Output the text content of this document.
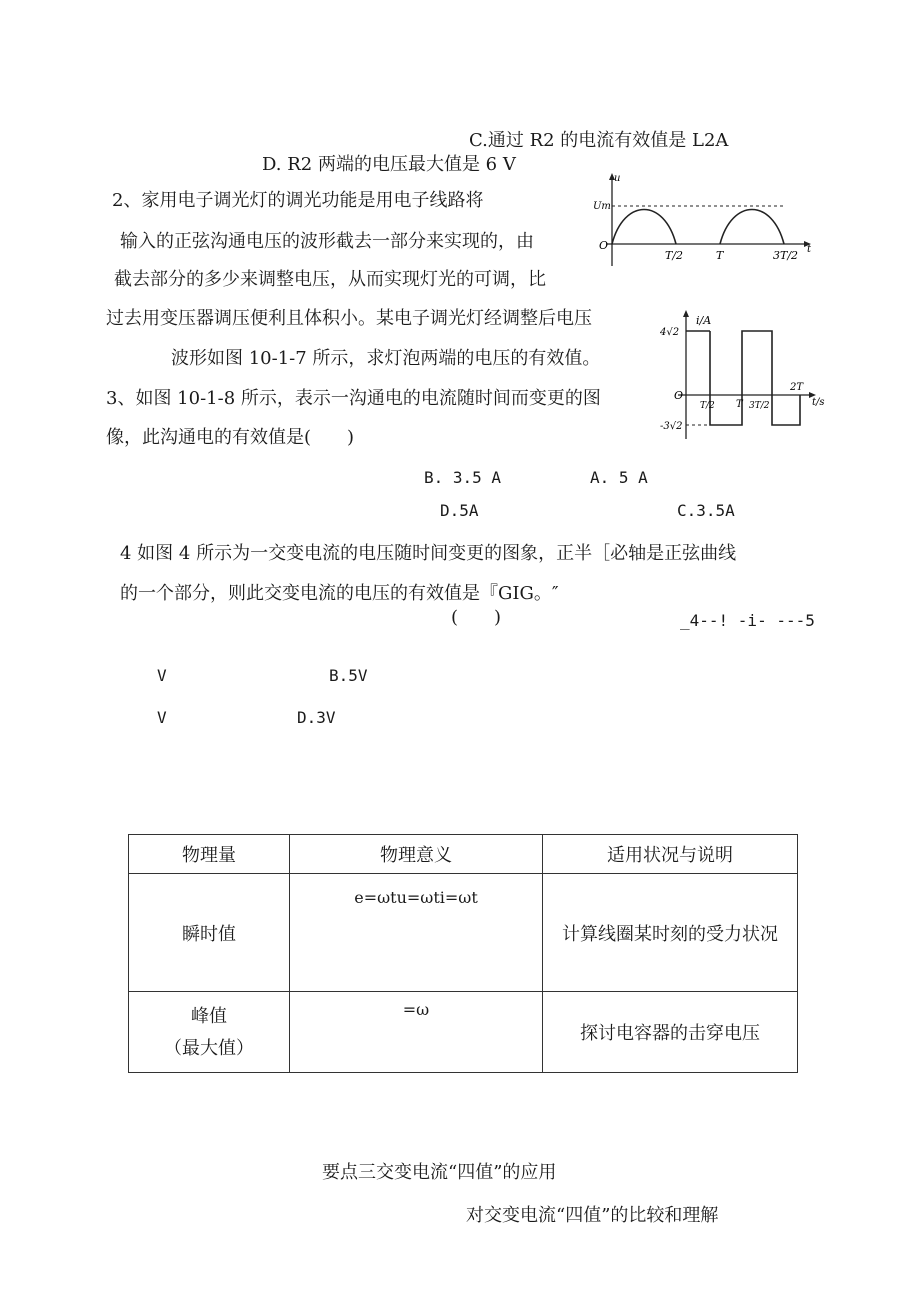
C.通过 R2 的电流有效值是 L2A
D. R2 两端的电压最大值是 6 V
2、家用电子调光灯的调光功能是用电子线路将
输入的正弦沟通电压的波形截去一部分来实现的，由
截去部分的多少来调整电压，从而实现灯光的可调，比
过去用变压器调压便利且体积小。某电子调光灯经调整后电压
波形如图 10-1-7 所示，求灯泡两端的电压的有效值。
u
Um
O
T/2	T	3T/2 t
3、如图 10-1-8 所示，表示一沟通电的电流随时间而变更的图
像，此沟通电的有效值是(　　)
B. 3.5 A	A. 5 A
D.5A	C.3.5A
i/A
4√2
-3√2
O
T/2 T 3T/2
2T
t/s
4 如图 4 所示为一交变电流的电压随时间变更的图象，正半［必轴是正弦曲线
的一个部分，则此交变电流的电压的有效值是『GIG。″
(　　)	_4--! -i- ---5
V	B.5V
V	D.3V
物理量	物理意义	适用状况与说明
瞬时值	e=ωtu=ωti=ωt	计算线圈某时刻的受力状况

峰值
（最大值）	=ω	探讨电容器的击穿电压
要点三交变电流“四值”的应用
对交变电流“四值”的比较和理解
